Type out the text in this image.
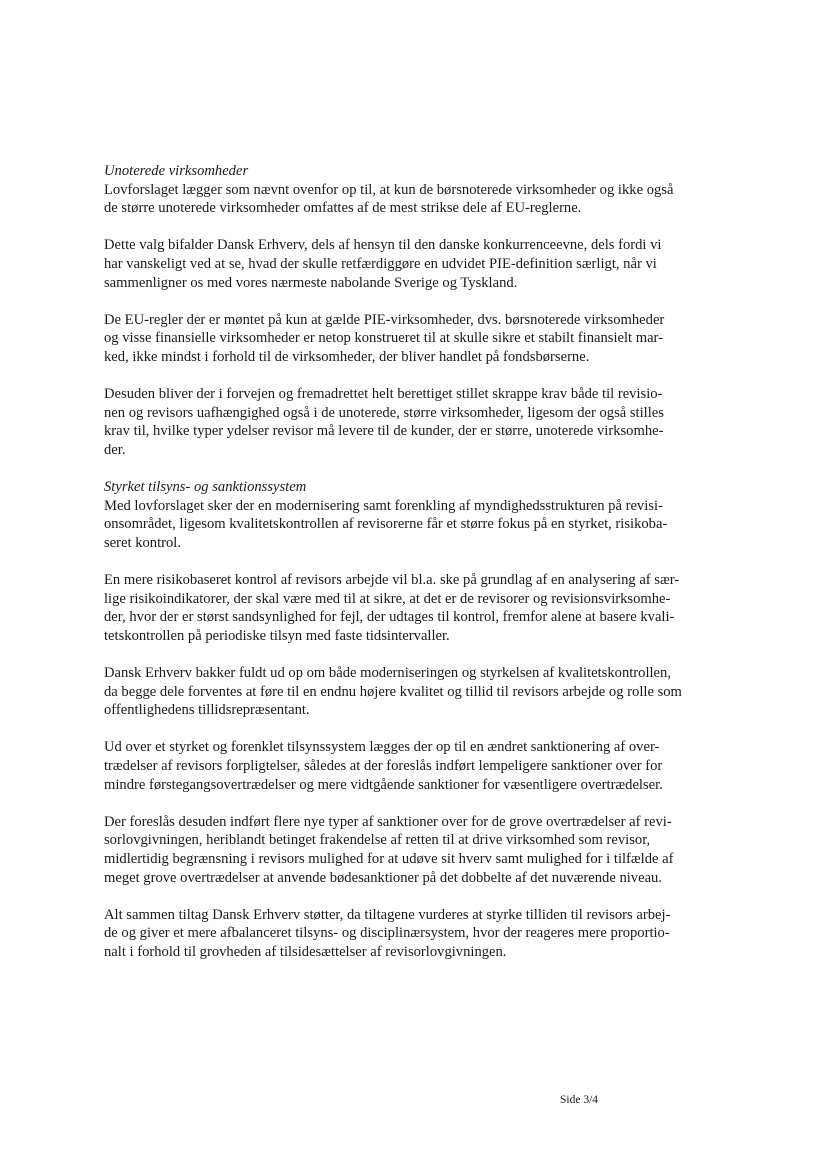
Unoterede virksomheder
Lovforslaget lægger som nævnt ovenfor op til, at kun de børsnoterede virksomheder og ikke også
de større unoterede virksomheder omfattes af de mest strikse dele af EU-reglerne.
Dette valg bifalder Dansk Erhverv, dels af hensyn til den danske konkurrenceevne, dels fordi vi
har vanskeligt ved at se, hvad der skulle retfærdiggøre en udvidet PIE-definition særligt, når vi
sammenligner os med vores nærmeste nabolande Sverige og Tyskland.
De EU-regler der er møntet på kun at gælde PIE-virksomheder, dvs. børsnoterede virksomheder
og visse finansielle virksomheder er netop konstrueret til at skulle sikre et stabilt finansielt mar-
ked, ikke mindst i forhold til de virksomheder, der bliver handlet på fondsbørserne.
Desuden bliver der i forvejen og fremadrettet helt berettiget stillet skrappe krav både til revisio-
nen og revisors uafhængighed også i de unoterede, større virksomheder, ligesom der også stilles
krav til, hvilke typer ydelser revisor må levere til de kunder, der er større, unoterede virksomhe-
der.
Styrket tilsyns- og sanktionssystem
Med lovforslaget sker der en modernisering samt forenkling af myndighedsstrukturen på revisi-
onsområdet, ligesom kvalitetskontrollen af revisorerne får et større fokus på en styrket, risikoba-
seret kontrol.
En mere risikobaseret kontrol af revisors arbejde vil bl.a. ske på grundlag af en analysering af sær-
lige risikoindikatorer, der skal være med til at sikre, at det er de revisorer og revisionsvirksomhe-
der, hvor der er størst sandsynlighed for fejl, der udtages til kontrol, fremfor alene at basere kvali-
tetskontrollen på periodiske tilsyn med faste tidsintervaller.
Dansk Erhverv bakker fuldt ud op om både moderniseringen og styrkelsen af kvalitetskontrollen,
da begge dele forventes at føre til en endnu højere kvalitet og tillid til revisors arbejde og rolle som
offentlighedens tillidsrepræsentant.
Ud over et styrket og forenklet tilsynssystem lægges der op til en ændret sanktionering af over-
trædelser af revisors forpligtelser, således at der foreslås indført lempeligere sanktioner over for
mindre førstegangsovertrædelser og mere vidtgående sanktioner for væsentligere overtrædelser.
Der foreslås desuden indført flere nye typer af sanktioner over for de grove overtrædelser af revi-
sorlovgivningen, heriblandt betinget frakendelse af retten til at drive virksomhed som revisor,
midlertidig begrænsning i revisors mulighed for at udøve sit hverv samt mulighed for i tilfælde af
meget grove overtrædelser at anvende bødesanktioner på det dobbelte af det nuværende niveau.
Alt sammen tiltag Dansk Erhverv støtter, da tiltagene vurderes at styrke tilliden til revisors arbej-
de og giver et mere afbalanceret tilsyns- og disciplinærsystem, hvor der reageres mere proportio-
nalt i forhold til grovheden af tilsidesættelser af revisorlovgivningen.
Side 3/4
